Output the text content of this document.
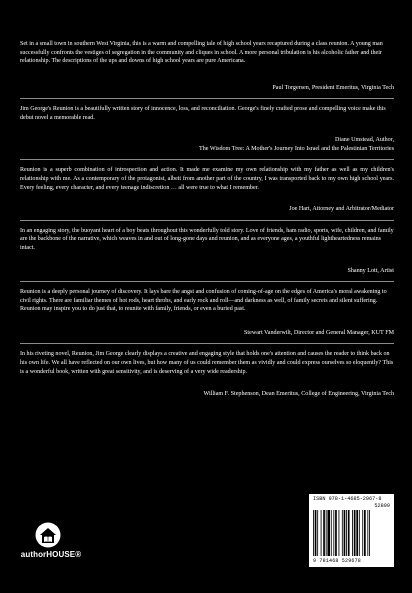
Set in a small town in southern West Virginia, this is a warm and compelling tale of high school years recaptured during a class reunion. A young man successfully confronts the vestiges of segregation in the community and cliques in school. A more personal tribulation is his alcoholic father and their relationship. The descriptions of the ups and downs of high school years are pure Americana.

Paul Torgersen, President Emeritus, Virginia Tech

Jim George's Reunion is a beautifully written story of innocence, loss, and reconciliation. George's finely crafted prose and compelling voice make this debut novel a memorable read.

Diane Umstead, Author,

The Wisdom Tree: A Mother's Journey Into Israel and the Palestinian Territories

Reunion is a superb combination of introspection and action. It made me examine my own relationship with my father as well as my children's relationship with me. As a contemporary of the protagonist, albeit from another part of the country, I was transported back to my own high school years. Every feeling, every character, and every teenage indiscretion … all were true to what I remember.

Joe Hart, Attorney and Arbitrator/Mediator

In an engaging story, the buoyant heart of a boy beats throughout this wonderfully told story. Love of friends, ham radio, sports, wife, children, and family are the backbone of the narrative, which weaves in and out of long-gone days and reunion, and as everyone ages, a youthful lightheartedness remains intact.

Shanny Lott, Artist

Reunion is a deeply personal journey of discovery. It lays bare the angst and confusion of coming-of-age on the edges of America's moral awakening to civil rights. There are familiar themes of hot rods, heart throbs, and early rock and roll—and darkness as well, of family secrets and silent suffering. Reunion may inspire you to do just that, to reunite with family, friends, or even a buried past.

Stewart Vanderwilt, Director and General Manager, KUT FM

In his riveting novel, Reunion, Jim George clearly displays a creative and engaging style that holds one's attention and causes the reader to think back on his own life. We all have reflected on our own lives, but how many of us could remember them as vividly and could express ourselves so eloquently? This is a wonderful book, written with great sensitivity, and is deserving of a very wide readership.

William F. Stephenson, Dean Emeritus, College of Engineering, Virginia Tech

authorHOUSE®
ISBN 978-1-4685-2967-8
52899
9 781468 529678
